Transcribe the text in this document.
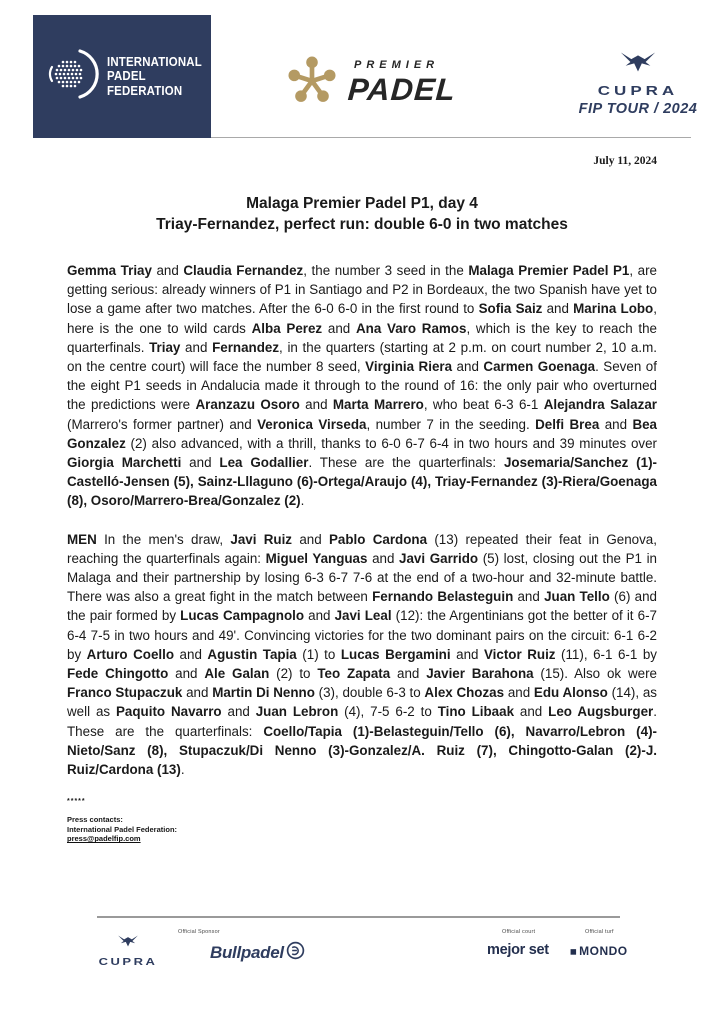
INTERNATIONAL
PADEL
FEDERATION
PREMIER
PADEL	CUPRA
FIP TOUR / 2024
July 11, 2024
Malaga Premier Padel P1, day 4
Triay-Fernandez, perfect run: double 6-0 in two matches

Gemma Triay and Claudia Fernandez, the number 3 seed in the Malaga Premier Padel P1, are getting serious: already winners of P1 in Santiago and P2 in Bordeaux, the two Spanish have yet to lose a game after two matches. After the 6-0 6-0 in the first round to Sofia Saiz and Marina Lobo, here is the one to wild cards Alba Perez and Ana Varo Ramos, which is the key to reach the quarterfinals. Triay and Fernandez, in the quarters (starting at 2 p.m. on court number 2, 10 a.m. on the centre court) will face the number 8 seed, Virginia Riera and Carmen Goenaga. Seven of the eight P1 seeds in Andalucia made it through to the round of 16: the only pair who overturned the predictions were Aranzazu Osoro and Marta Marrero, who beat 6-3 6-1 Alejandra Salazar (Marrero's former partner) and Veronica Virseda, number 7 in the seeding. Delfi Brea and Bea Gonzalez (2) also advanced, with a thrill, thanks to 6-0 6-7 6-4 in two hours and 39 minutes over Giorgia Marchetti and Lea Godallier. These are the quarterfinals: Josemaria/Sanchez (1)-Castelló-Jensen (5), Sainz-Lllaguno (6)-Ortega/Araujo (4), Triay-Fernandez (3)-Riera/Goenaga (8), Osoro/Marrero-Brea/Gonzalez (2).

MEN In the men's draw, Javi Ruiz and Pablo Cardona (13) repeated their feat in Genova, reaching the quarterfinals again: Miguel Yanguas and Javi Garrido (5) lost, closing out the P1 in Malaga and their partnership by losing 6-3 6-7 7-6 at the end of a two-hour and 32-minute battle. There was also a great fight in the match between Fernando Belasteguin and Juan Tello (6) and the pair formed by Lucas Campagnolo and Javi Leal (12): the Argentinians got the better of it 6-7 6-4 7-5 in two hours and 49'. Convincing victories for the two dominant pairs on the circuit: 6-1 6-2 by Arturo Coello and Agustin Tapia (1) to Lucas Bergamini and Victor Ruiz (11), 6-1 6-1 by Fede Chingotto and Ale Galan (2) to Teo Zapata and Javier Barahona (15). Also ok were Franco Stupaczuk and Martin Di Nenno (3), double 6-3 to Alex Chozas and Edu Alonso (14), as well as Paquito Navarro and Juan Lebron (4), 7-5 6-2 to Tino Libaak and Leo Augsburger. These are the quarterfinals: Coello/Tapia (1)-Belasteguin/Tello (6), Navarro/Lebron (4)-Nieto/Sanz (8), Stupaczuk/Di Nenno (3)-Gonzalez/A. Ruiz (7), Chingotto-Galan (2)-J. Ruiz/Cardona (13).

*****
Press contacts:
International Padel Federation:
press@padelfip.com
CUPRA
Official Sponsor
Bullpadel
Official court
mejor set
Official turf
◼ MONDO
